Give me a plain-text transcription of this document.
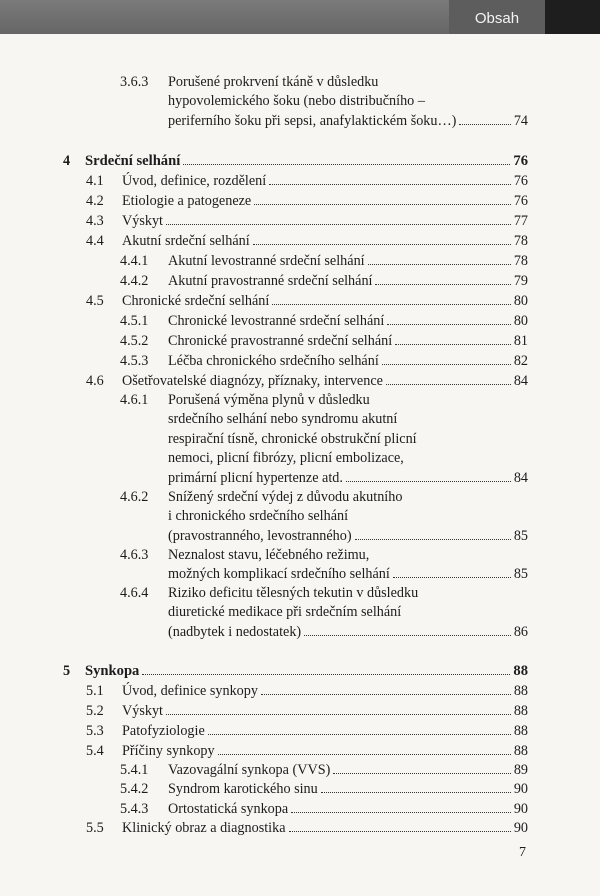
Obsah
3.6.3 Porušené prokrvení tkáně v důsledku
hypovolemického šoku (nebo distribučního –
periferního šoku při sepsi, anafylaktickém šoku…)	74
4 Srdeční selhání	76
4.1 Úvod, definice, rozdělení	76
4.2 Etiologie a patogeneze	76
4.3 Výskyt	77
4.4 Akutní srdeční selhání	78
4.4.1 Akutní levostranné srdeční selhání	78
4.4.2 Akutní pravostranné srdeční selhání	79
4.5 Chronické srdeční selhání	80
4.5.1 Chronické levostranné srdeční selhání	80
4.5.2 Chronické pravostranné srdeční selhání	81
4.5.3 Léčba chronického srdečního selhání	82
4.6 Ošetřovatelské diagnózy, příznaky, intervence	84
4.6.1 Porušená výměna plynů v důsledku
srdečního selhání nebo syndromu akutní
respirační tísně, chronické obstrukční plicní
nemoci, plicní fibrózy, plicní embolizace,
primární plicní hypertenze atd.	84
4.6.2 Snížený srdeční výdej z důvodu akutního
i chronického srdečního selhání
(pravostranného, levostranného)	85
4.6.3 Neznalost stavu, léčebného režimu,
možných komplikací srdečního selhání	85
4.6.4 Riziko deficitu tělesných tekutin v důsledku
diuretické medikace při srdečním selhání
(nadbytek i nedostatek)	86
5 Synkopa	88
5.1 Úvod, definice synkopy	88
5.2 Výskyt	88
5.3 Patofyziologie	88
5.4 Příčiny synkopy	88
5.4.1 Vazovagální synkopa (VVS)	89
5.4.2 Syndrom karotického sinu	90
5.4.3 Ortostatická synkopa	90
5.5 Klinický obraz a diagnostika	90
7
